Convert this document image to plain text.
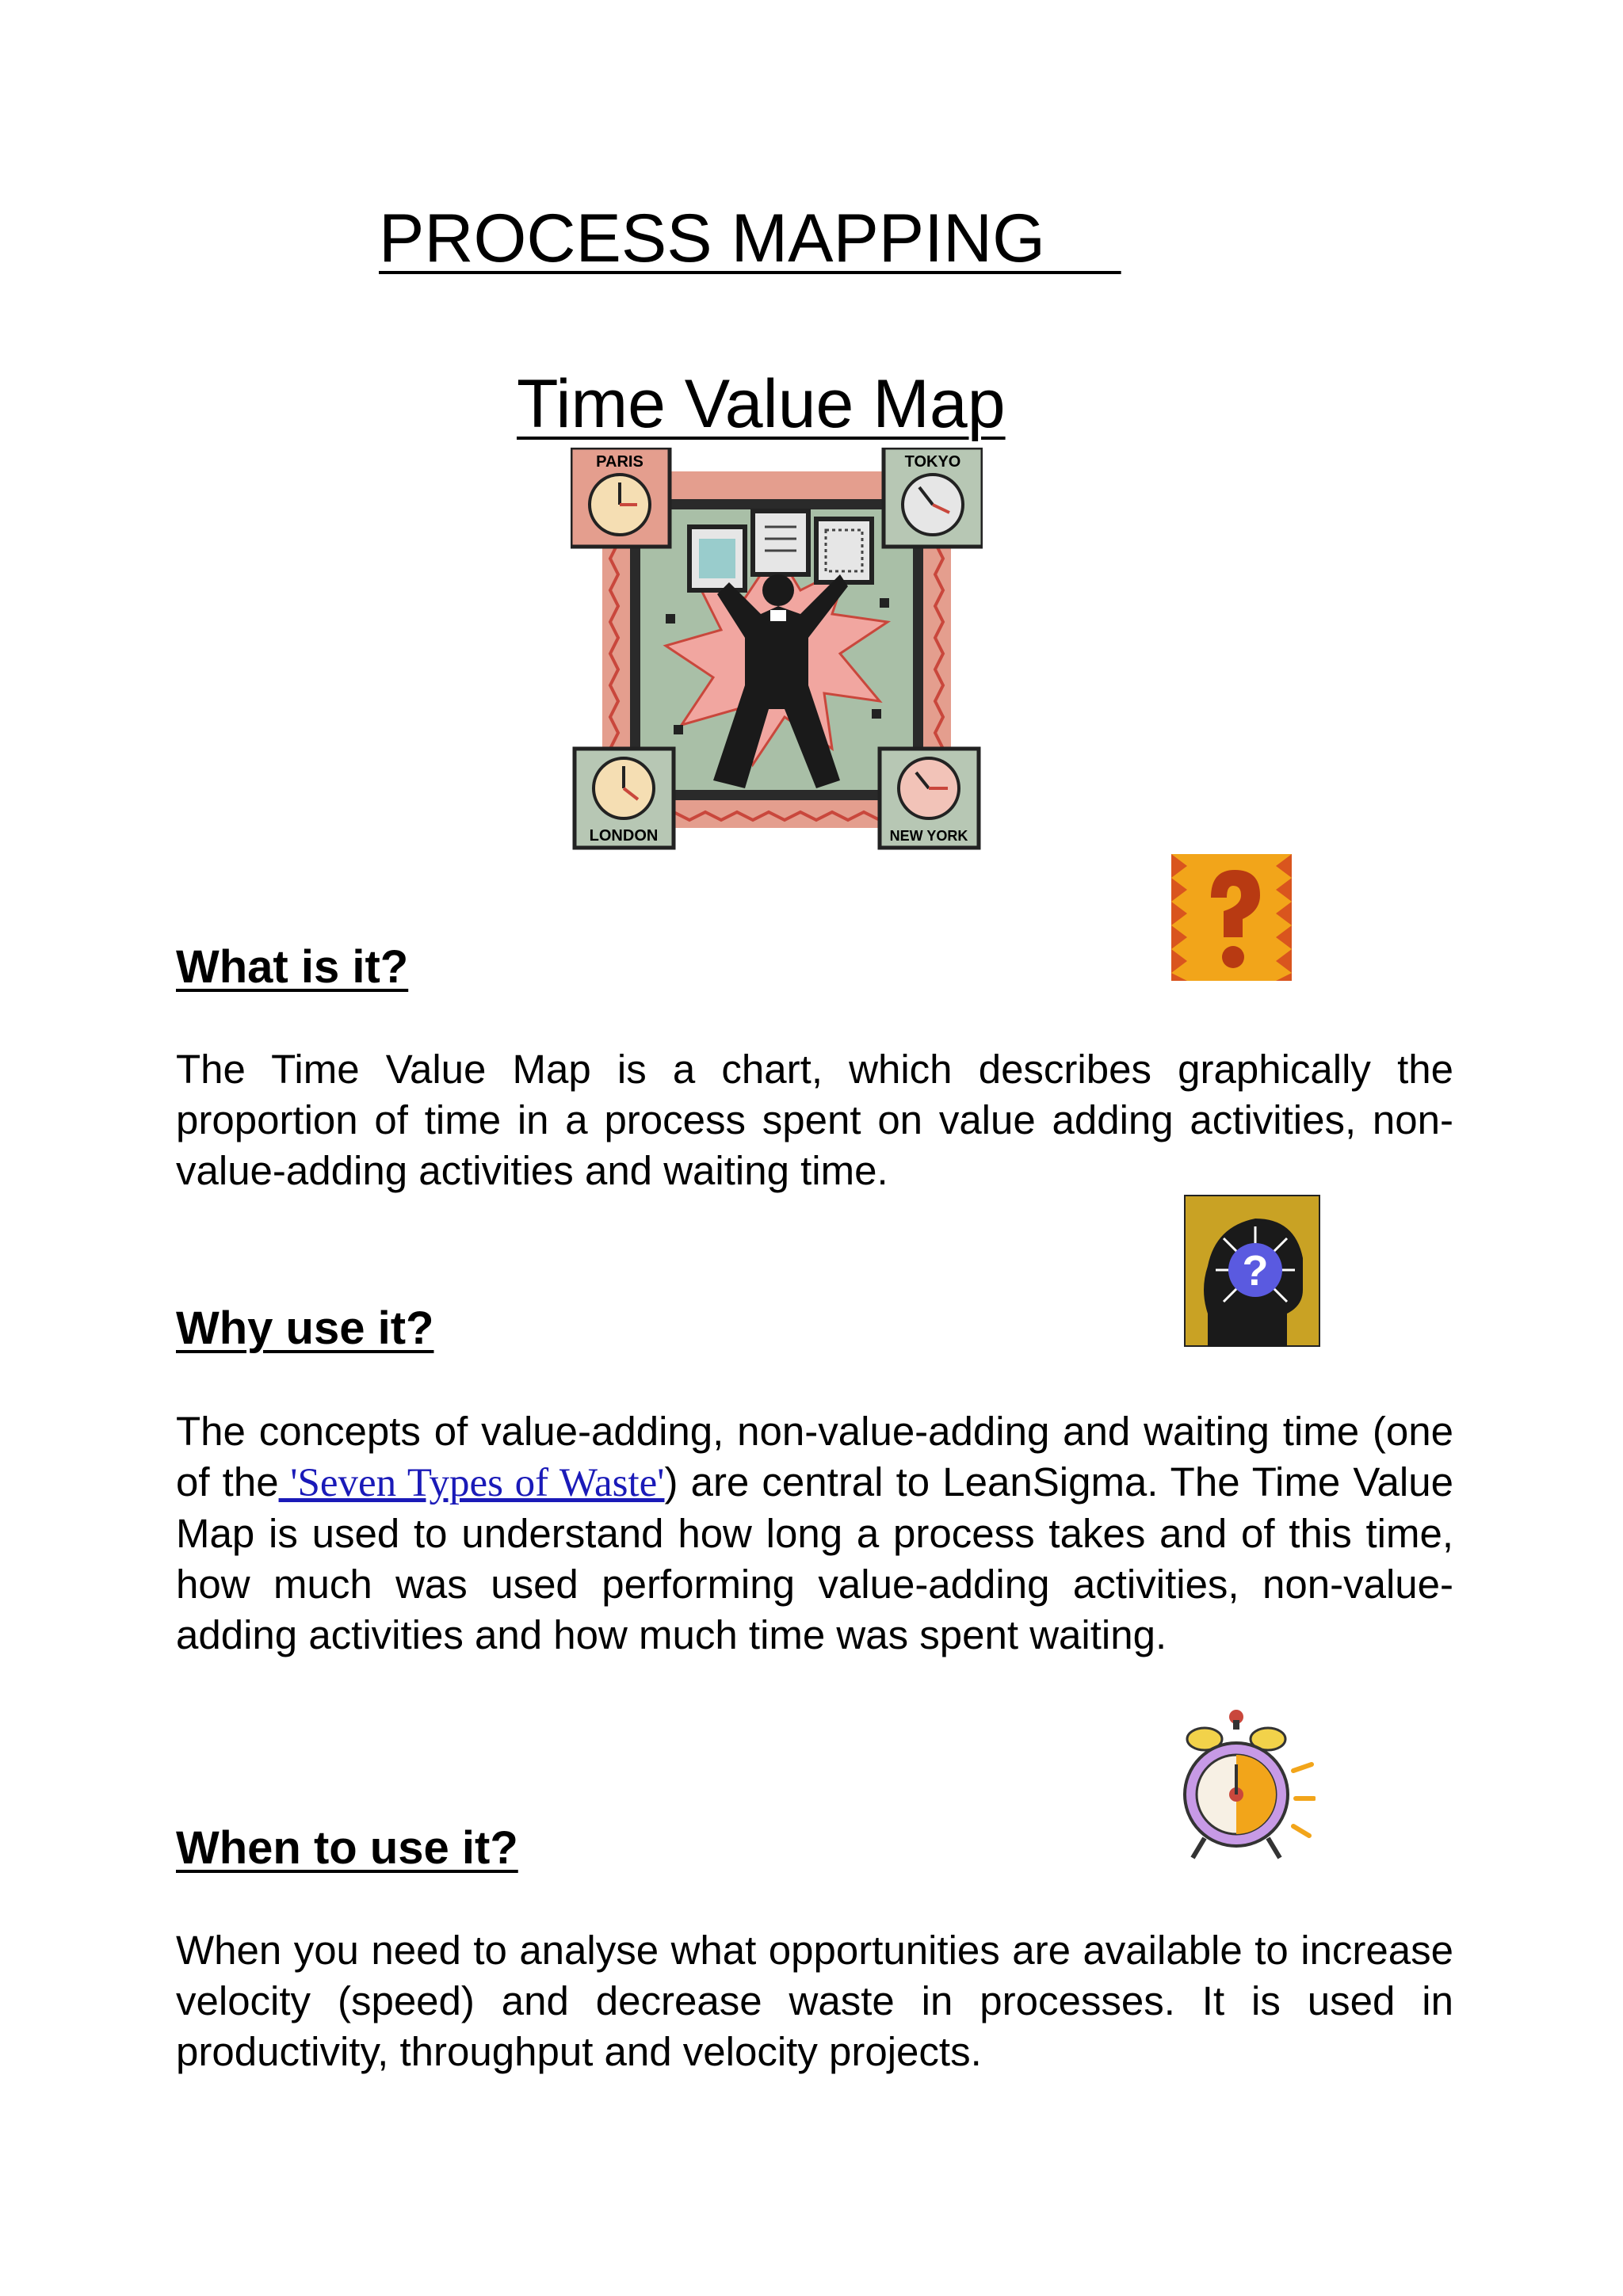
PROCESS MAPPING
Time Value Map
PARIS	TOKYO
LONDON	NEW YORK
What is it?
The Time Value Map is a chart, which describes graphically the proportion of time in a process spent on value adding activities, non-value-adding activities and waiting time.
?
Why use it?
The concepts of value-adding, non-value-adding and waiting time (one of the 'Seven Types of Waste') are central to LeanSigma. The Time Value Map is used to understand how long a process takes and of this time, how much was used performing value-adding activities, non-value-adding activities and how much time was spent waiting.
When to use it?
When you need to analyse what opportunities are available to increase velocity (speed) and decrease waste in processes. It is used in productivity, throughput and velocity projects.
